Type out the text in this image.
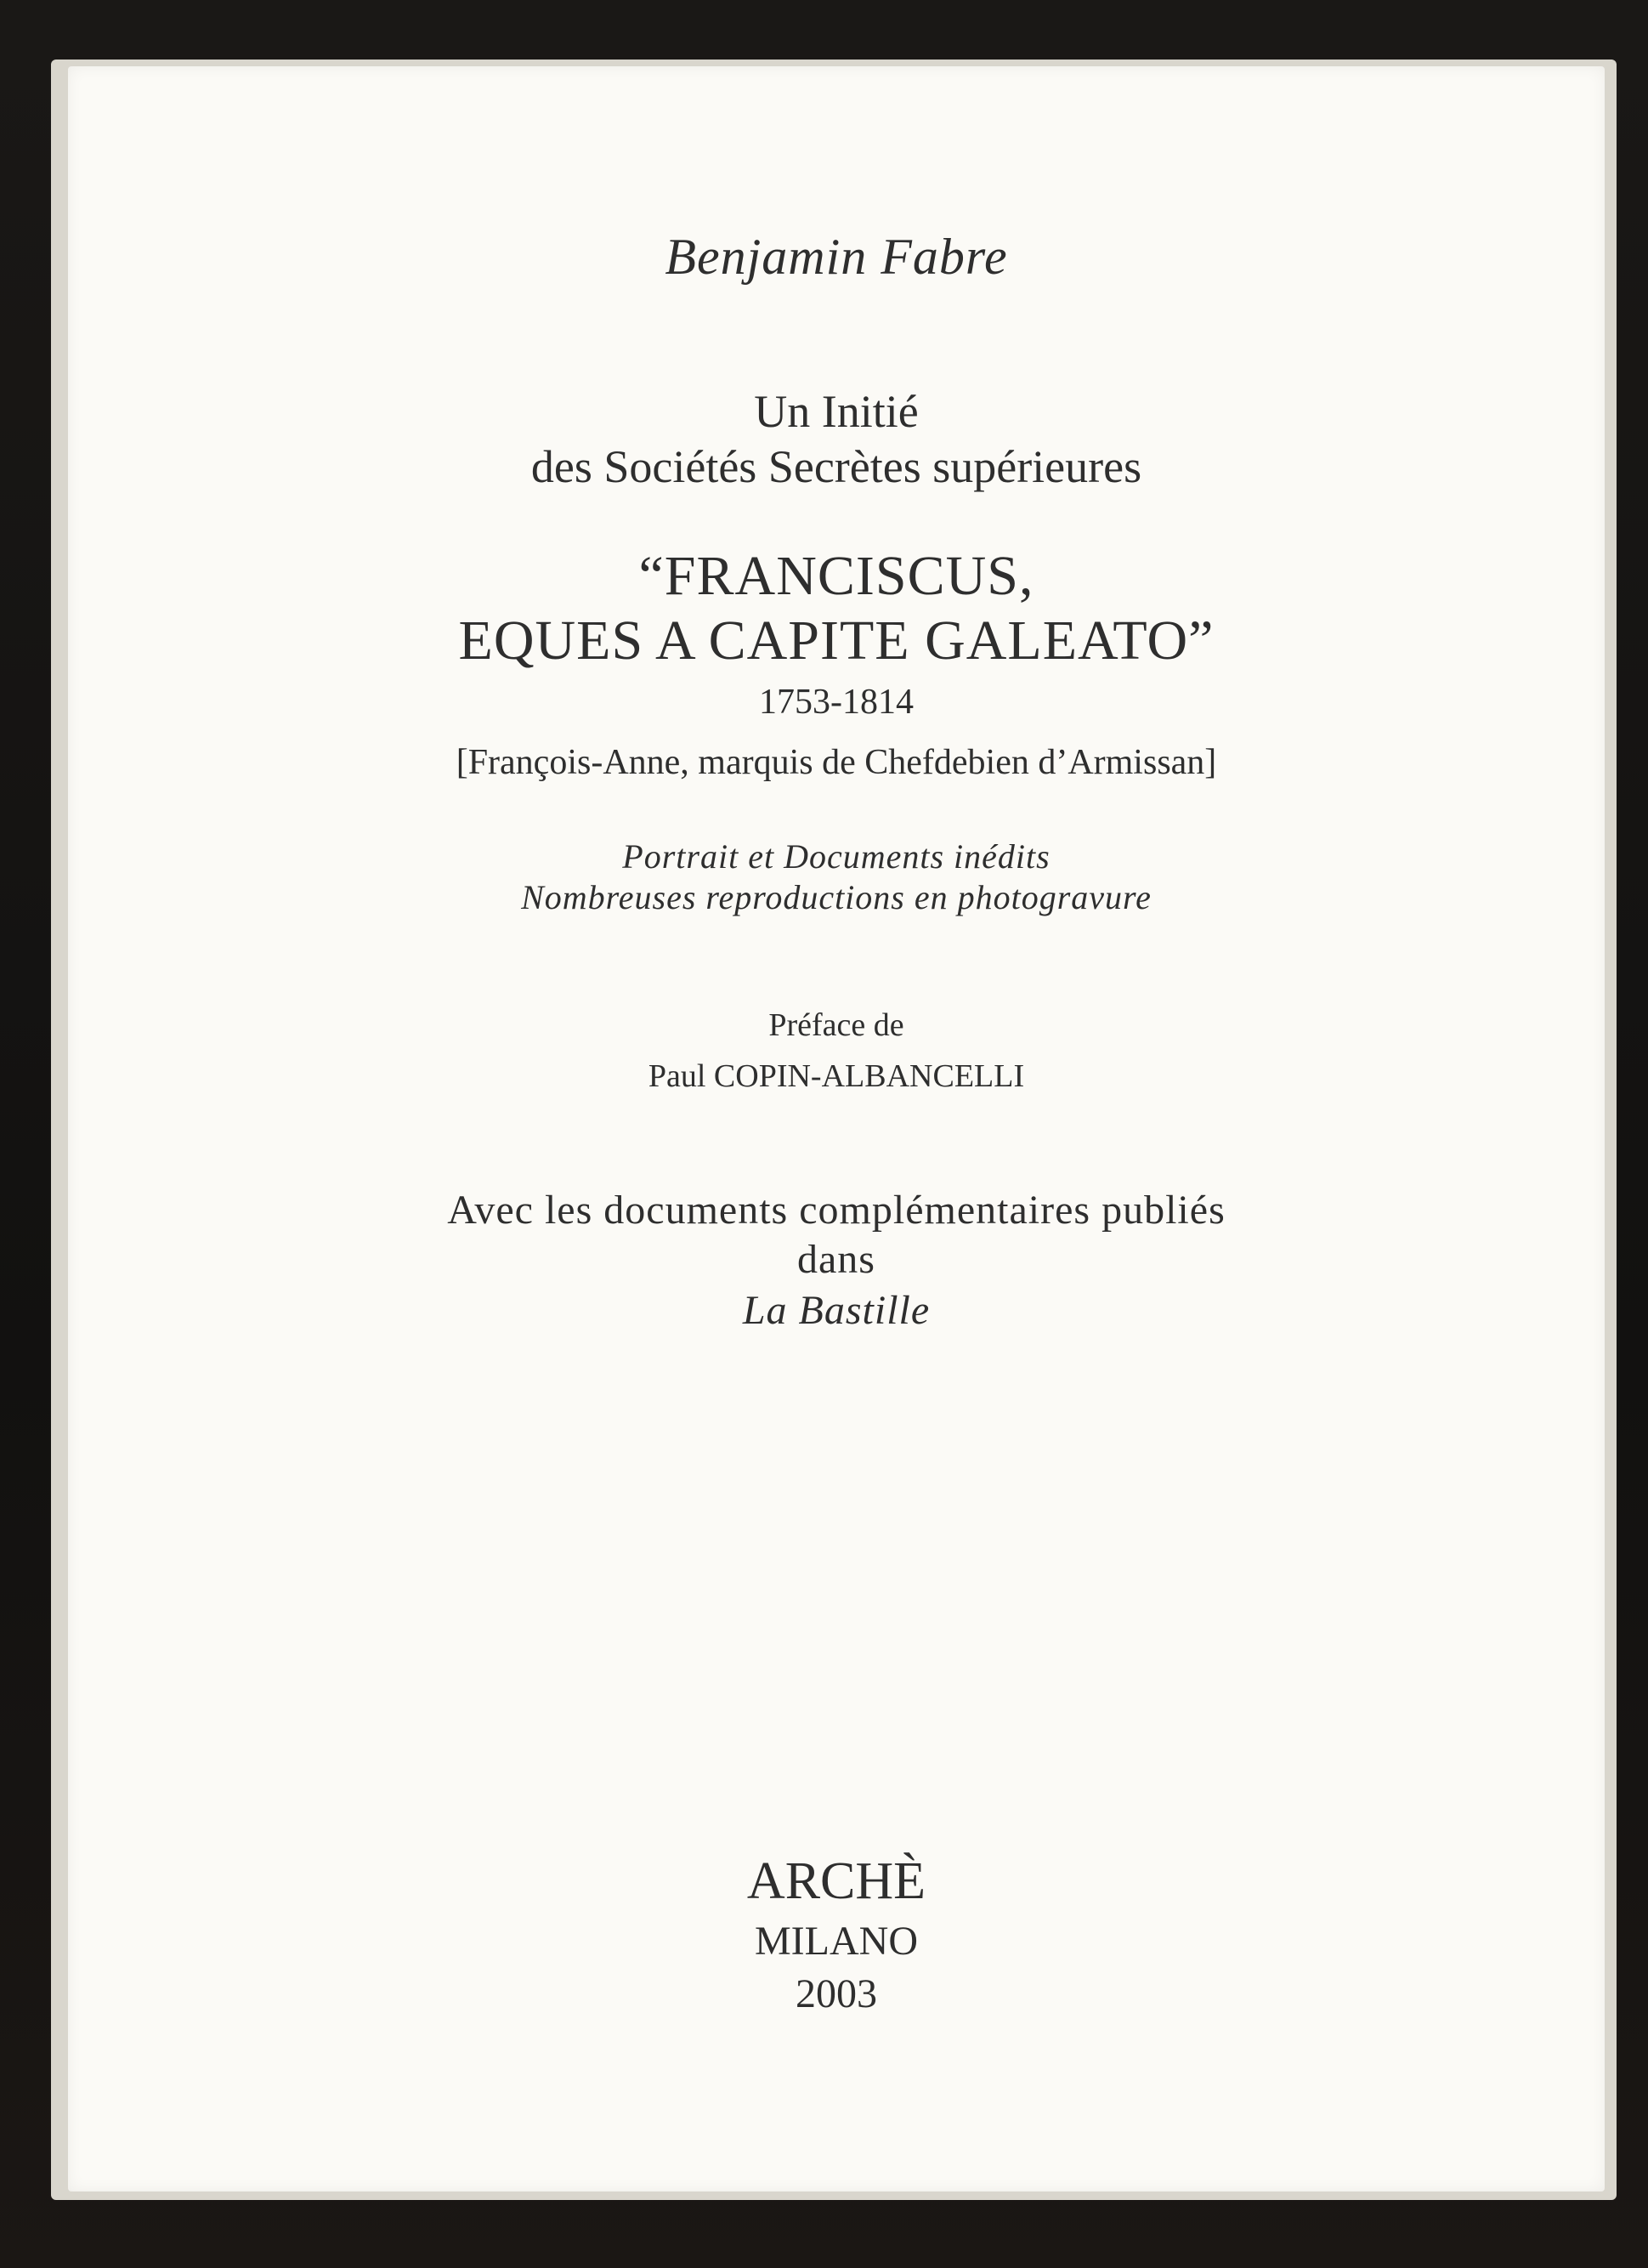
Benjamin Fabre
Un Initié
des Sociétés Secrètes supérieures
“FRANCISCUS,
EQUES A CAPITE GALEATO”
1753-1814
[François-Anne, marquis de Chefdebien d’Armissan]
Portrait et Documents inédits
Nombreuses reproductions en photogravure
Préface de
Paul COPIN-ALBANCELLI
Avec les documents complémentaires publiés
dans
La Bastille
ARCHÈ
MILANO
2003
